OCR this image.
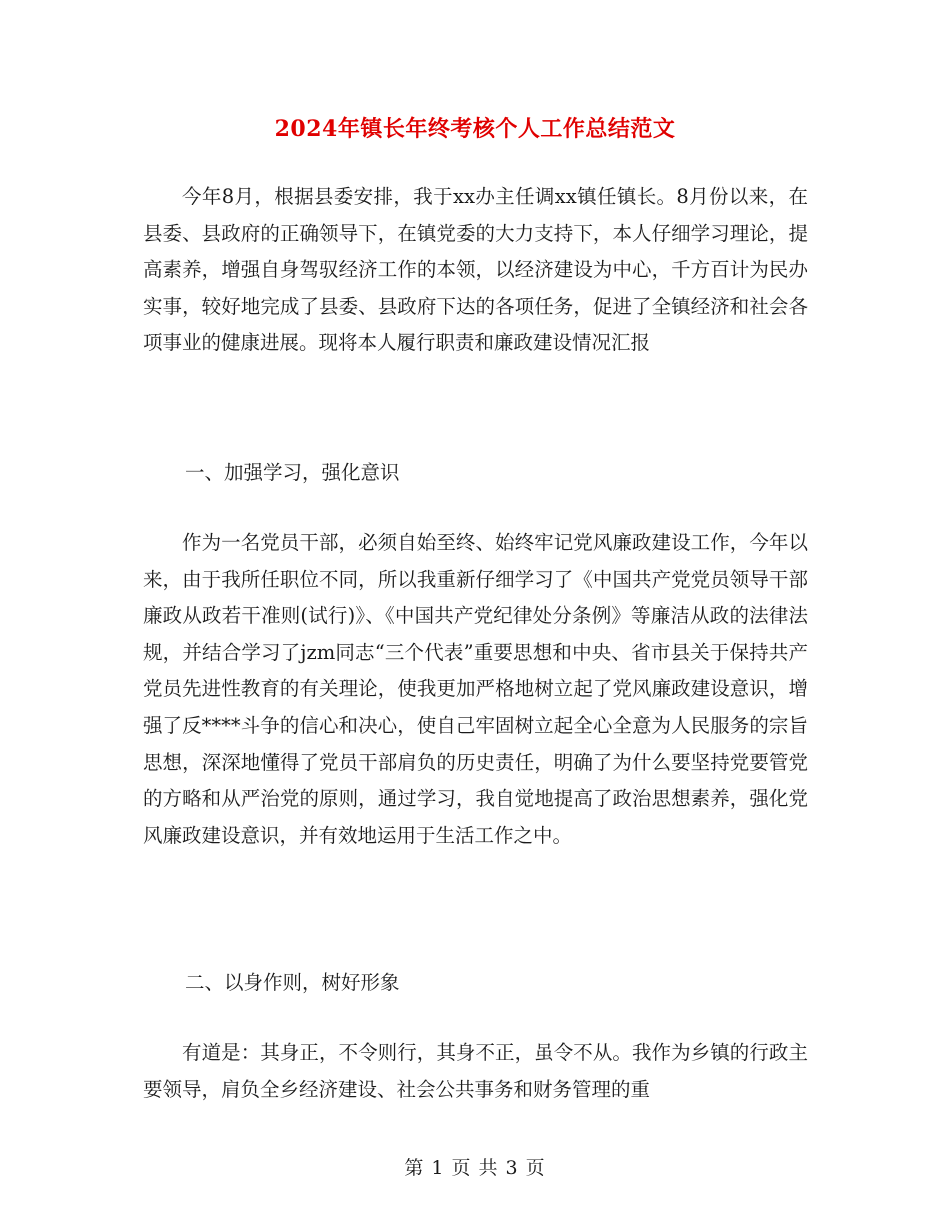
2024年镇长年终考核个人工作总结范文

今年8月，根据县委安排，我于xx办主任调xx镇任镇长。8月份以来，在县委、县政府的正确领导下，在镇党委的大力支持下，本人仔细学习理论，提高素养，增强自身驾驭经济工作的本领，以经济建设为中心，千方百计为民办实事，较好地完成了县委、县政府下达的各项任务，促进了全镇经济和社会各项事业的健康进展。现将本人履行职责和廉政建设情况汇报

一、加强学习，强化意识

作为一名党员干部，必须自始至终、始终牢记党风廉政建设工作，今年以来，由于我所任职位不同，所以我重新仔细学习了《中国共产党党员领导干部廉政从政若干准则(试行)》、《中国共产党纪律处分条例》等廉洁从政的法律法规，并结合学习了jzm同志“三个代表”重要思想和中央、省市县关于保持共产党员先进性教育的有关理论，使我更加严格地树立起了党风廉政建设意识，增强了反****斗争的信心和决心，使自己牢固树立起全心全意为人民服务的宗旨思想，深深地懂得了党员干部肩负的历史责任，明确了为什么要坚持党要管党的方略和从严治党的原则，通过学习，我自觉地提高了政治思想素养，强化党风廉政建设意识，并有效地运用于生活工作之中。

二、以身作则，树好形象

有道是：其身正，不令则行，其身不正，虽令不从。我作为乡镇的行政主要领导，肩负全乡经济建设、社会公共事务和财务管理的重

第 1 页 共 3 页
